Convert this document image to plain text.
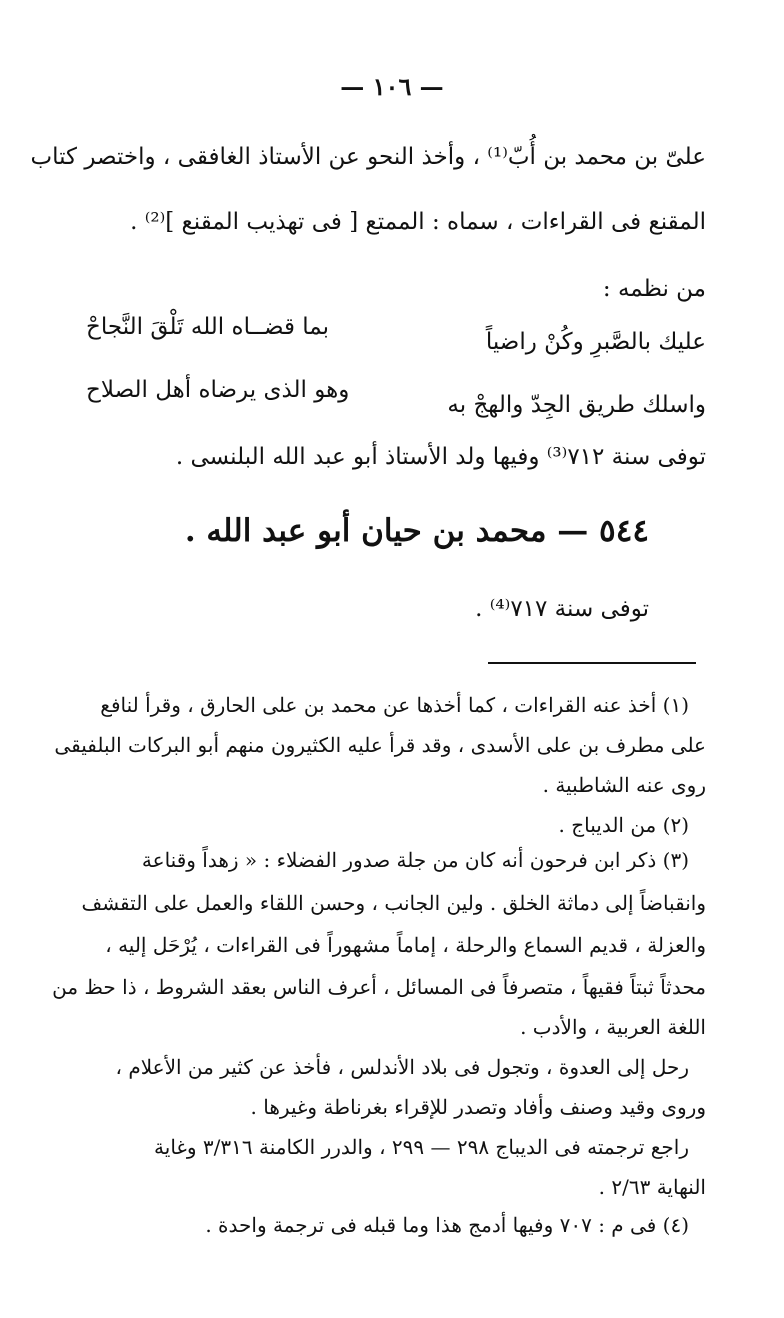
— ١٠٦ —
علىّ بن محمد بن أُبّ⁽¹⁾ ، وأخذ النحو عن الأستاذ الغافقى ، واختصر كتاب
المقنع فى القراءات ، سماه : الممتع [ فى تهذيب المقنع ]⁽²⁾ .
من نظمه :
عليك بالصَّبرِ وكُنْ راضياً
بما قضــاه الله تَلْقَ النَّجاحْ
واسلك طريق الجِدّ والهجْ به
وهو الذى يرضاه أهل الصلاح
توفى سنة ٧١٢⁽³⁾ وفيها ولد الأستاذ أبو عبد الله البلنسى .
٥٤٤ — محمد بن حيان أبو عبد الله .
توفى سنة ٧١٧⁽⁴⁾ .
(١) أخذ عنه القراءات ، كما أخذها عن محمد بن على الحارق ، وقرأ لنافع
على مطرف بن على الأسدى ، وقد قرأ عليه الكثيرون منهم أبو البركات البلفيقى
روى عنه الشاطبية .
(٢) من الديباج .
(٣) ذكر ابن فرحون أنه كان من جلة صدور الفضلاء : « زهداً وقناعة
وانقباضاً إلى دماثة الخلق . ولين الجانب ، وحسن اللقاء والعمل على التقشف
والعزلة ، قديم السماع والرحلة ، إماماً مشهوراً فى القراءات ، يُرْحَل إليه ،
محدثاً ثبتاً فقيهاً ، متصرفاً فى المسائل ، أعرف الناس بعقد الشروط ، ذا حظ من
اللغة العربية ، والأدب .
رحل إلى العدوة ، وتجول فى بلاد الأندلس ، فأخذ عن كثير من الأعلام ،
وروى وقيد وصنف وأفاد وتصدر للإقراء بغرناطة وغيرها .
راجع ترجمته فى الديباج ٢٩٨ — ٢٩٩ ، والدرر الكامنة ٣/٣١٦ وغاية
النهاية ٢/٦٣ .
(٤) فى م : ٧٠٧ وفيها أدمج هذا وما قبله فى ترجمة واحدة .
